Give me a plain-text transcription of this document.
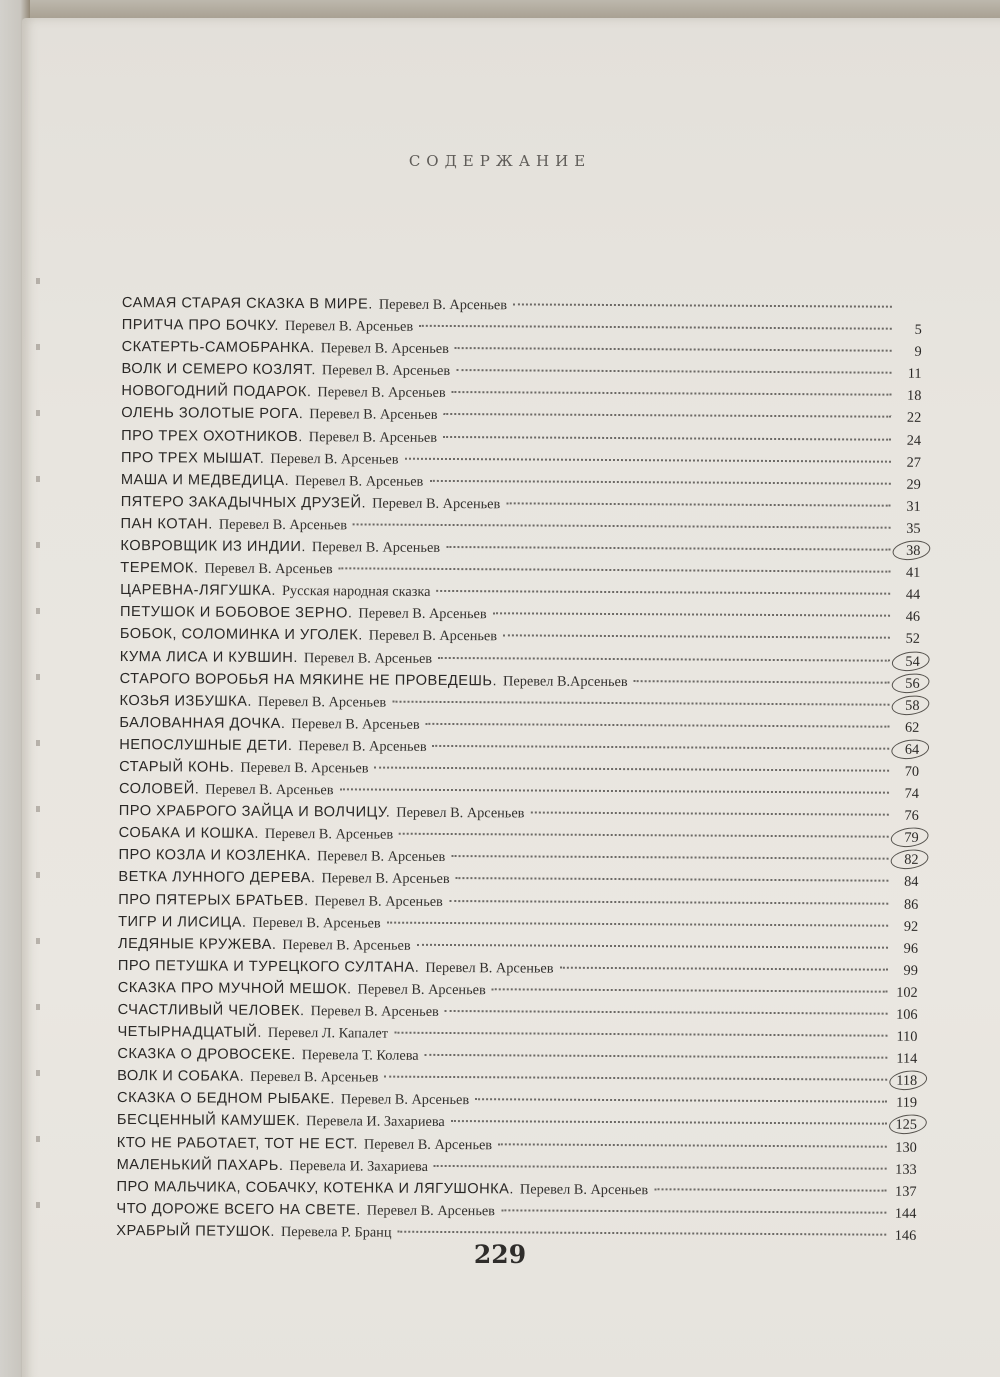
СОДЕРЖАНИЕ
САМАЯ СТАРАЯ СКАЗКА В МИРЕ. Перевел В. Арсеньев
ПРИТЧА ПРО БОЧКУ. Перевел В. Арсеньев	5
СКАТЕРТЬ-САМОБРАНКА. Перевел В. Арсеньев	9
ВОЛК И СЕМЕРО КОЗЛЯТ. Перевел В. Арсеньев	11
НОВОГОДНИЙ ПОДАРОК. Перевел В. Арсеньев	18
ОЛЕНЬ ЗОЛОТЫЕ РОГА. Перевел В. Арсеньев	22
ПРО ТРЕХ ОХОТНИКОВ. Перевел В. Арсеньев	24
ПРО ТРЕХ МЫШАТ. Перевел В. Арсеньев	27
МАША И МЕДВЕДИЦА. Перевел В. Арсеньев	29
ПЯТЕРО ЗАКАДЫЧНЫХ ДРУЗЕЙ. Перевел В. Арсеньев	31
ПАН КОТАН. Перевел В. Арсеньев	35
КОВРОВЩИК ИЗ ИНДИИ. Перевел В. Арсеньев	38
ТЕРЕМОК. Перевел В. Арсеньев	41
ЦАРЕВНА-ЛЯГУШКА. Русская народная сказка	44
ПЕТУШОК И БОБОВОЕ ЗЕРНО. Перевел В. Арсеньев	46
БОБОК, СОЛОМИНКА И УГОЛЕК. Перевел В. Арсеньев	52
КУМА ЛИСА И КУВШИН. Перевел В. Арсеньев	54
СТАРОГО ВОРОБЬЯ НА МЯКИНЕ НЕ ПРОВЕДЕШЬ. Перевел В.Арсеньев	56
КОЗЬЯ ИЗБУШКА. Перевел В. Арсеньев	58
БАЛОВАННАЯ ДОЧКА. Перевел В. Арсеньев	62
НЕПОСЛУШНЫЕ ДЕТИ. Перевел В. Арсеньев	64
СТАРЫЙ КОНЬ. Перевел В. Арсеньев	70
СОЛОВЕЙ. Перевел В. Арсеньев	74
ПРО ХРАБРОГО ЗАЙЦА И ВОЛЧИЦУ. Перевел В. Арсеньев	76
СОБАКА И КОШКА. Перевел В. Арсеньев	79
ПРО КОЗЛА И КОЗЛЕНКА. Перевел В. Арсеньев	82
ВЕТКА ЛУННОГО ДЕРЕВА. Перевел В. Арсеньев	84
ПРО ПЯТЕРЫХ БРАТЬЕВ. Перевел В. Арсеньев	86
ТИГР И ЛИСИЦА. Перевел В. Арсеньев	92
ЛЕДЯНЫЕ КРУЖЕВА. Перевел В. Арсеньев	96
ПРО ПЕТУШКА И ТУРЕЦКОГО СУЛТАНА. Перевел В. Арсеньев	99
СКАЗКА ПРО МУЧНОЙ МЕШОК. Перевел В. Арсеньев	102
СЧАСТЛИВЫЙ ЧЕЛОВЕК. Перевел В. Арсеньев	106
ЧЕТЫРНАДЦАТЫЙ. Перевел Л. Капалет	110
СКАЗКА О ДРОВОСЕКЕ. Перевела Т. Колева	114
ВОЛК И СОБАКА. Перевел В. Арсеньев	118
СКАЗКА О БЕДНОМ РЫБАКЕ. Перевел В. Арсеньев	119
БЕСЦЕННЫЙ КАМУШЕК. Перевела И. Захариева	125
КТО НЕ РАБОТАЕТ, ТОТ НЕ ЕСТ. Перевел В. Арсеньев	130
МАЛЕНЬКИЙ ПАХАРЬ. Перевела И. Захариева	133
ПРО МАЛЬЧИКА, СОБАЧКУ, КОТЕНКА И ЛЯГУШОНКА. Перевел В. Арсеньев	137
ЧТО ДОРОЖЕ ВСЕГО НА СВЕТЕ. Перевел В. Арсеньев	144
ХРАБРЫЙ ПЕТУШОК. Перевела Р. Бранц	146
229
